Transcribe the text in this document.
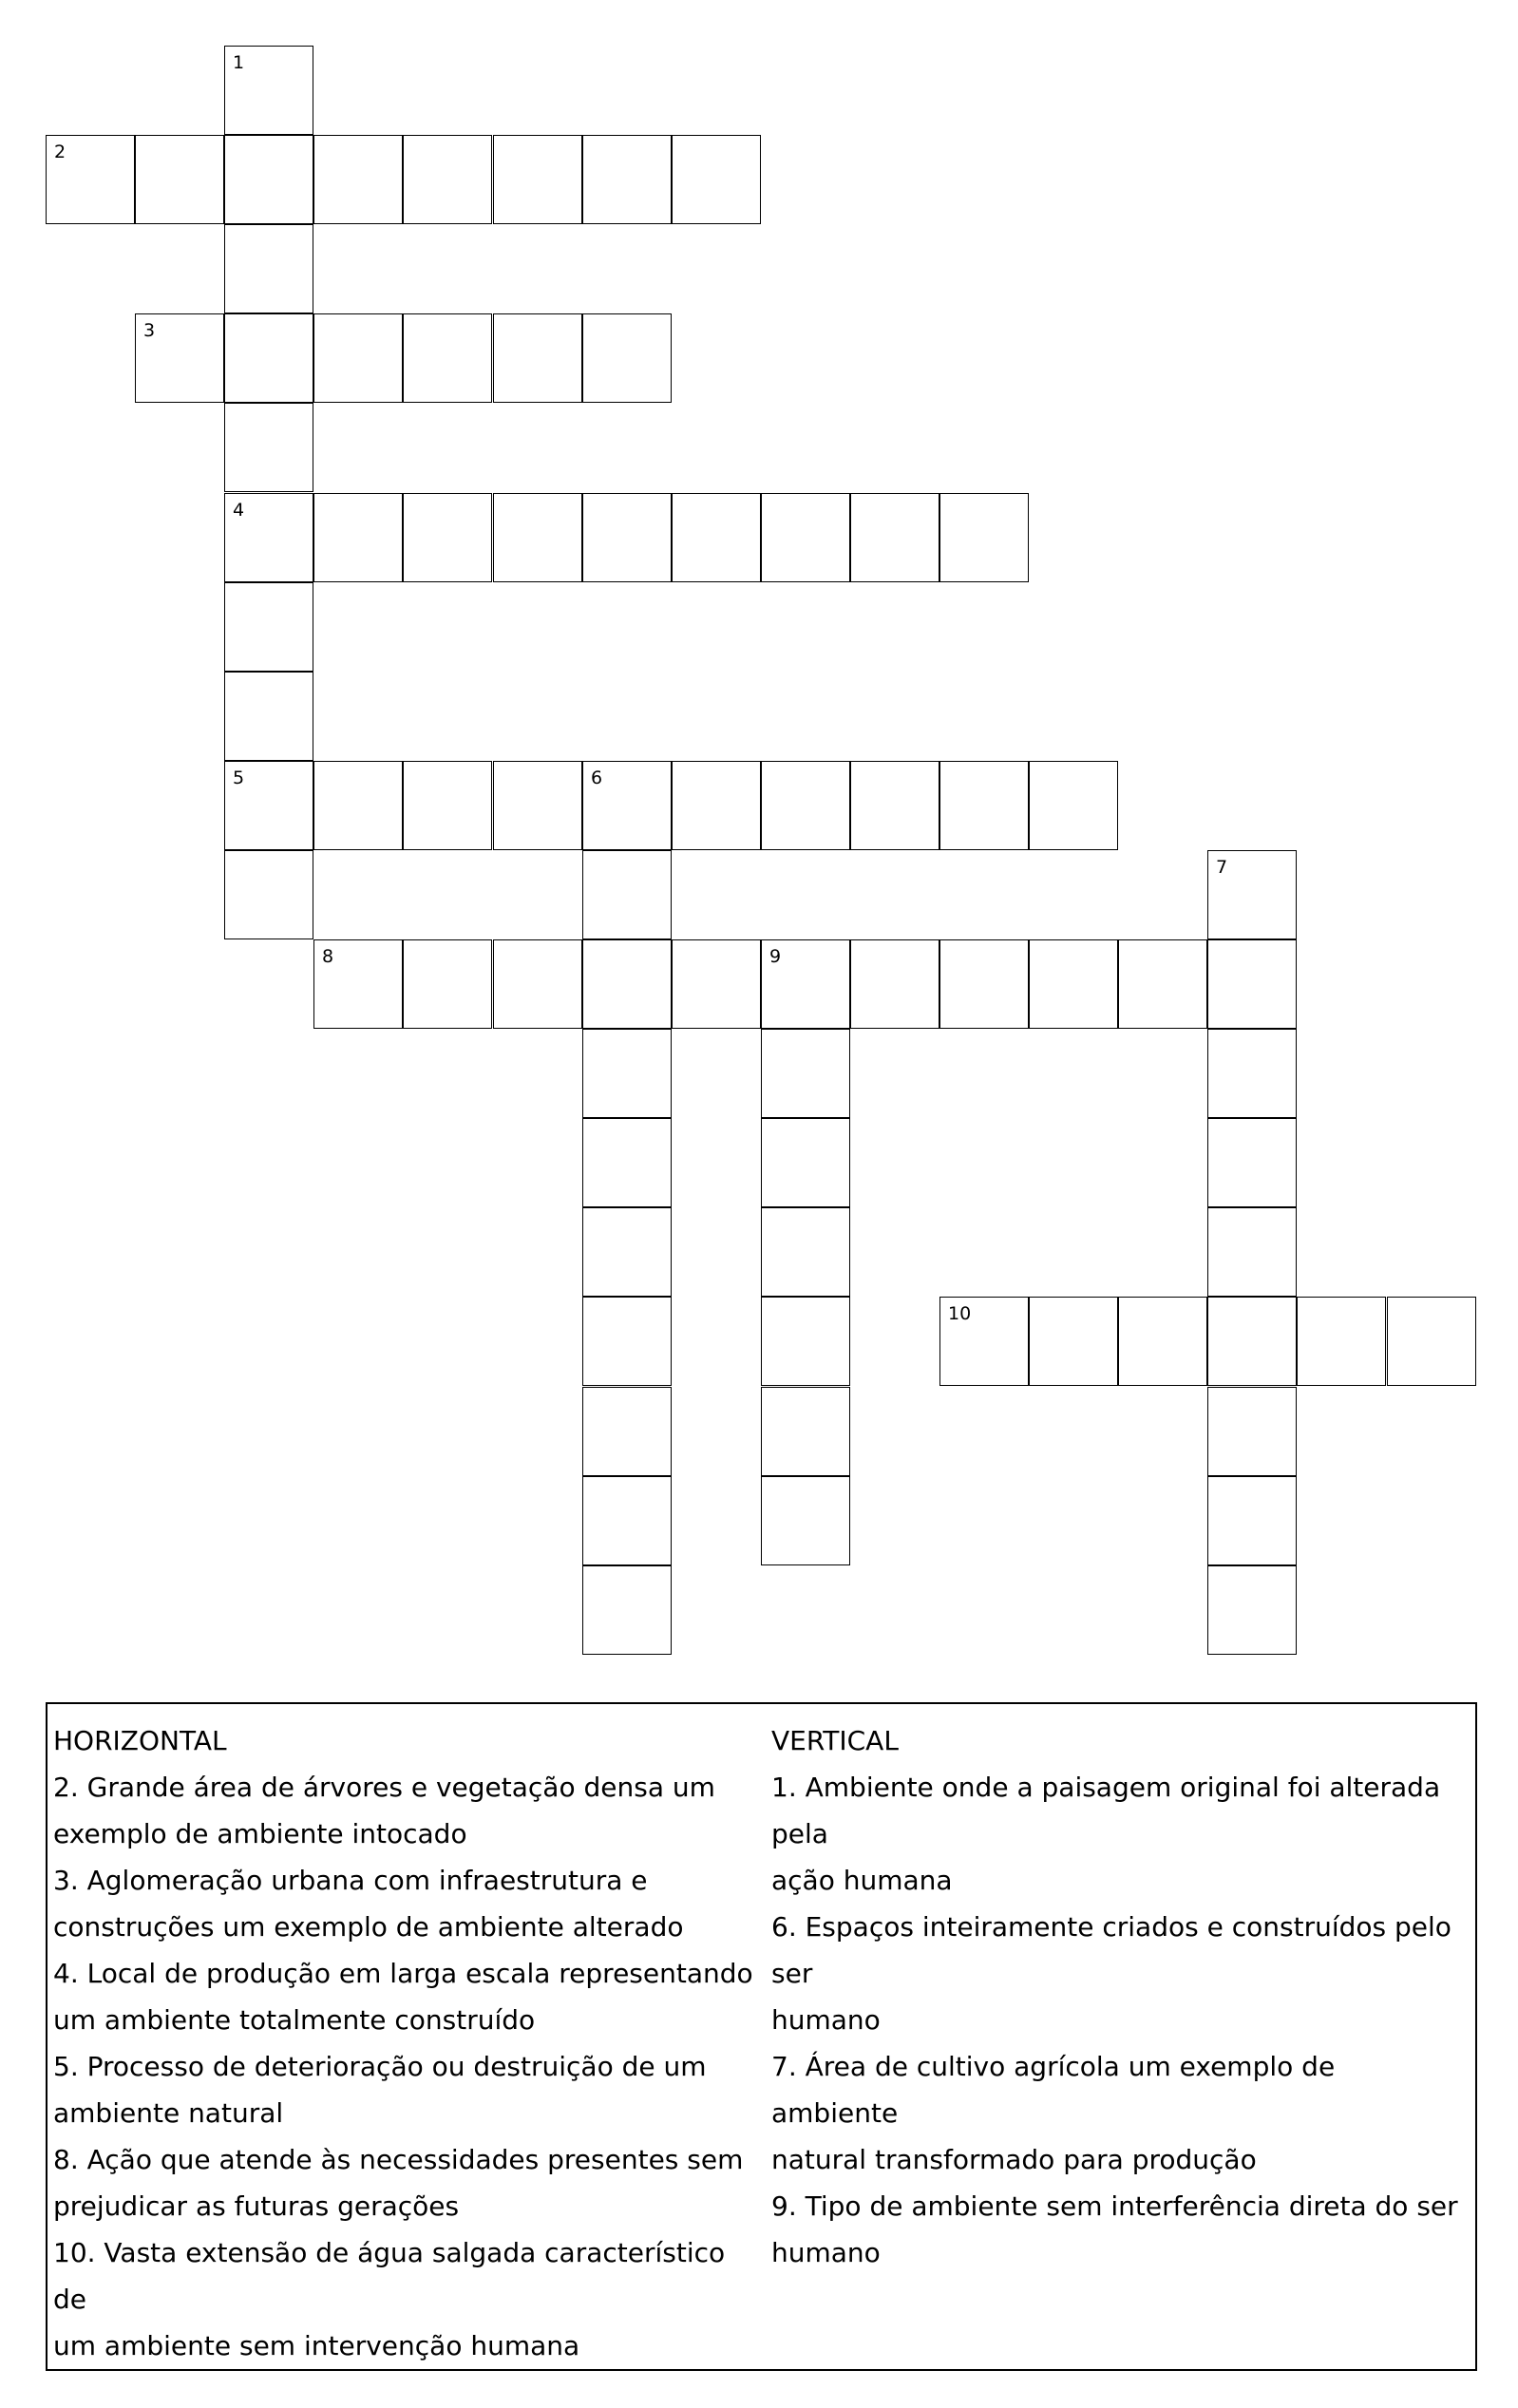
1
2
3
4
5	6
7
8	9
10
HORIZONTAL
2. Grande área de árvores e vegetação densa um
exemplo de ambiente intocado
3. Aglomeração urbana com infraestrutura e
construções um exemplo de ambiente alterado
4. Local de produção em larga escala representando
um ambiente totalmente construído
5. Processo de deterioração ou destruição de um
ambiente natural
8. Ação que atende às necessidades presentes sem
prejudicar as futuras gerações
10. Vasta extensão de água salgada característico de
um ambiente sem intervenção humana
VERTICAL
1. Ambiente onde a paisagem original foi alterada pela
ação humana
6. Espaços inteiramente criados e construídos pelo ser
humano
7. Área de cultivo agrícola um exemplo de ambiente
natural transformado para produção
9. Tipo de ambiente sem interferência direta do ser
humano
